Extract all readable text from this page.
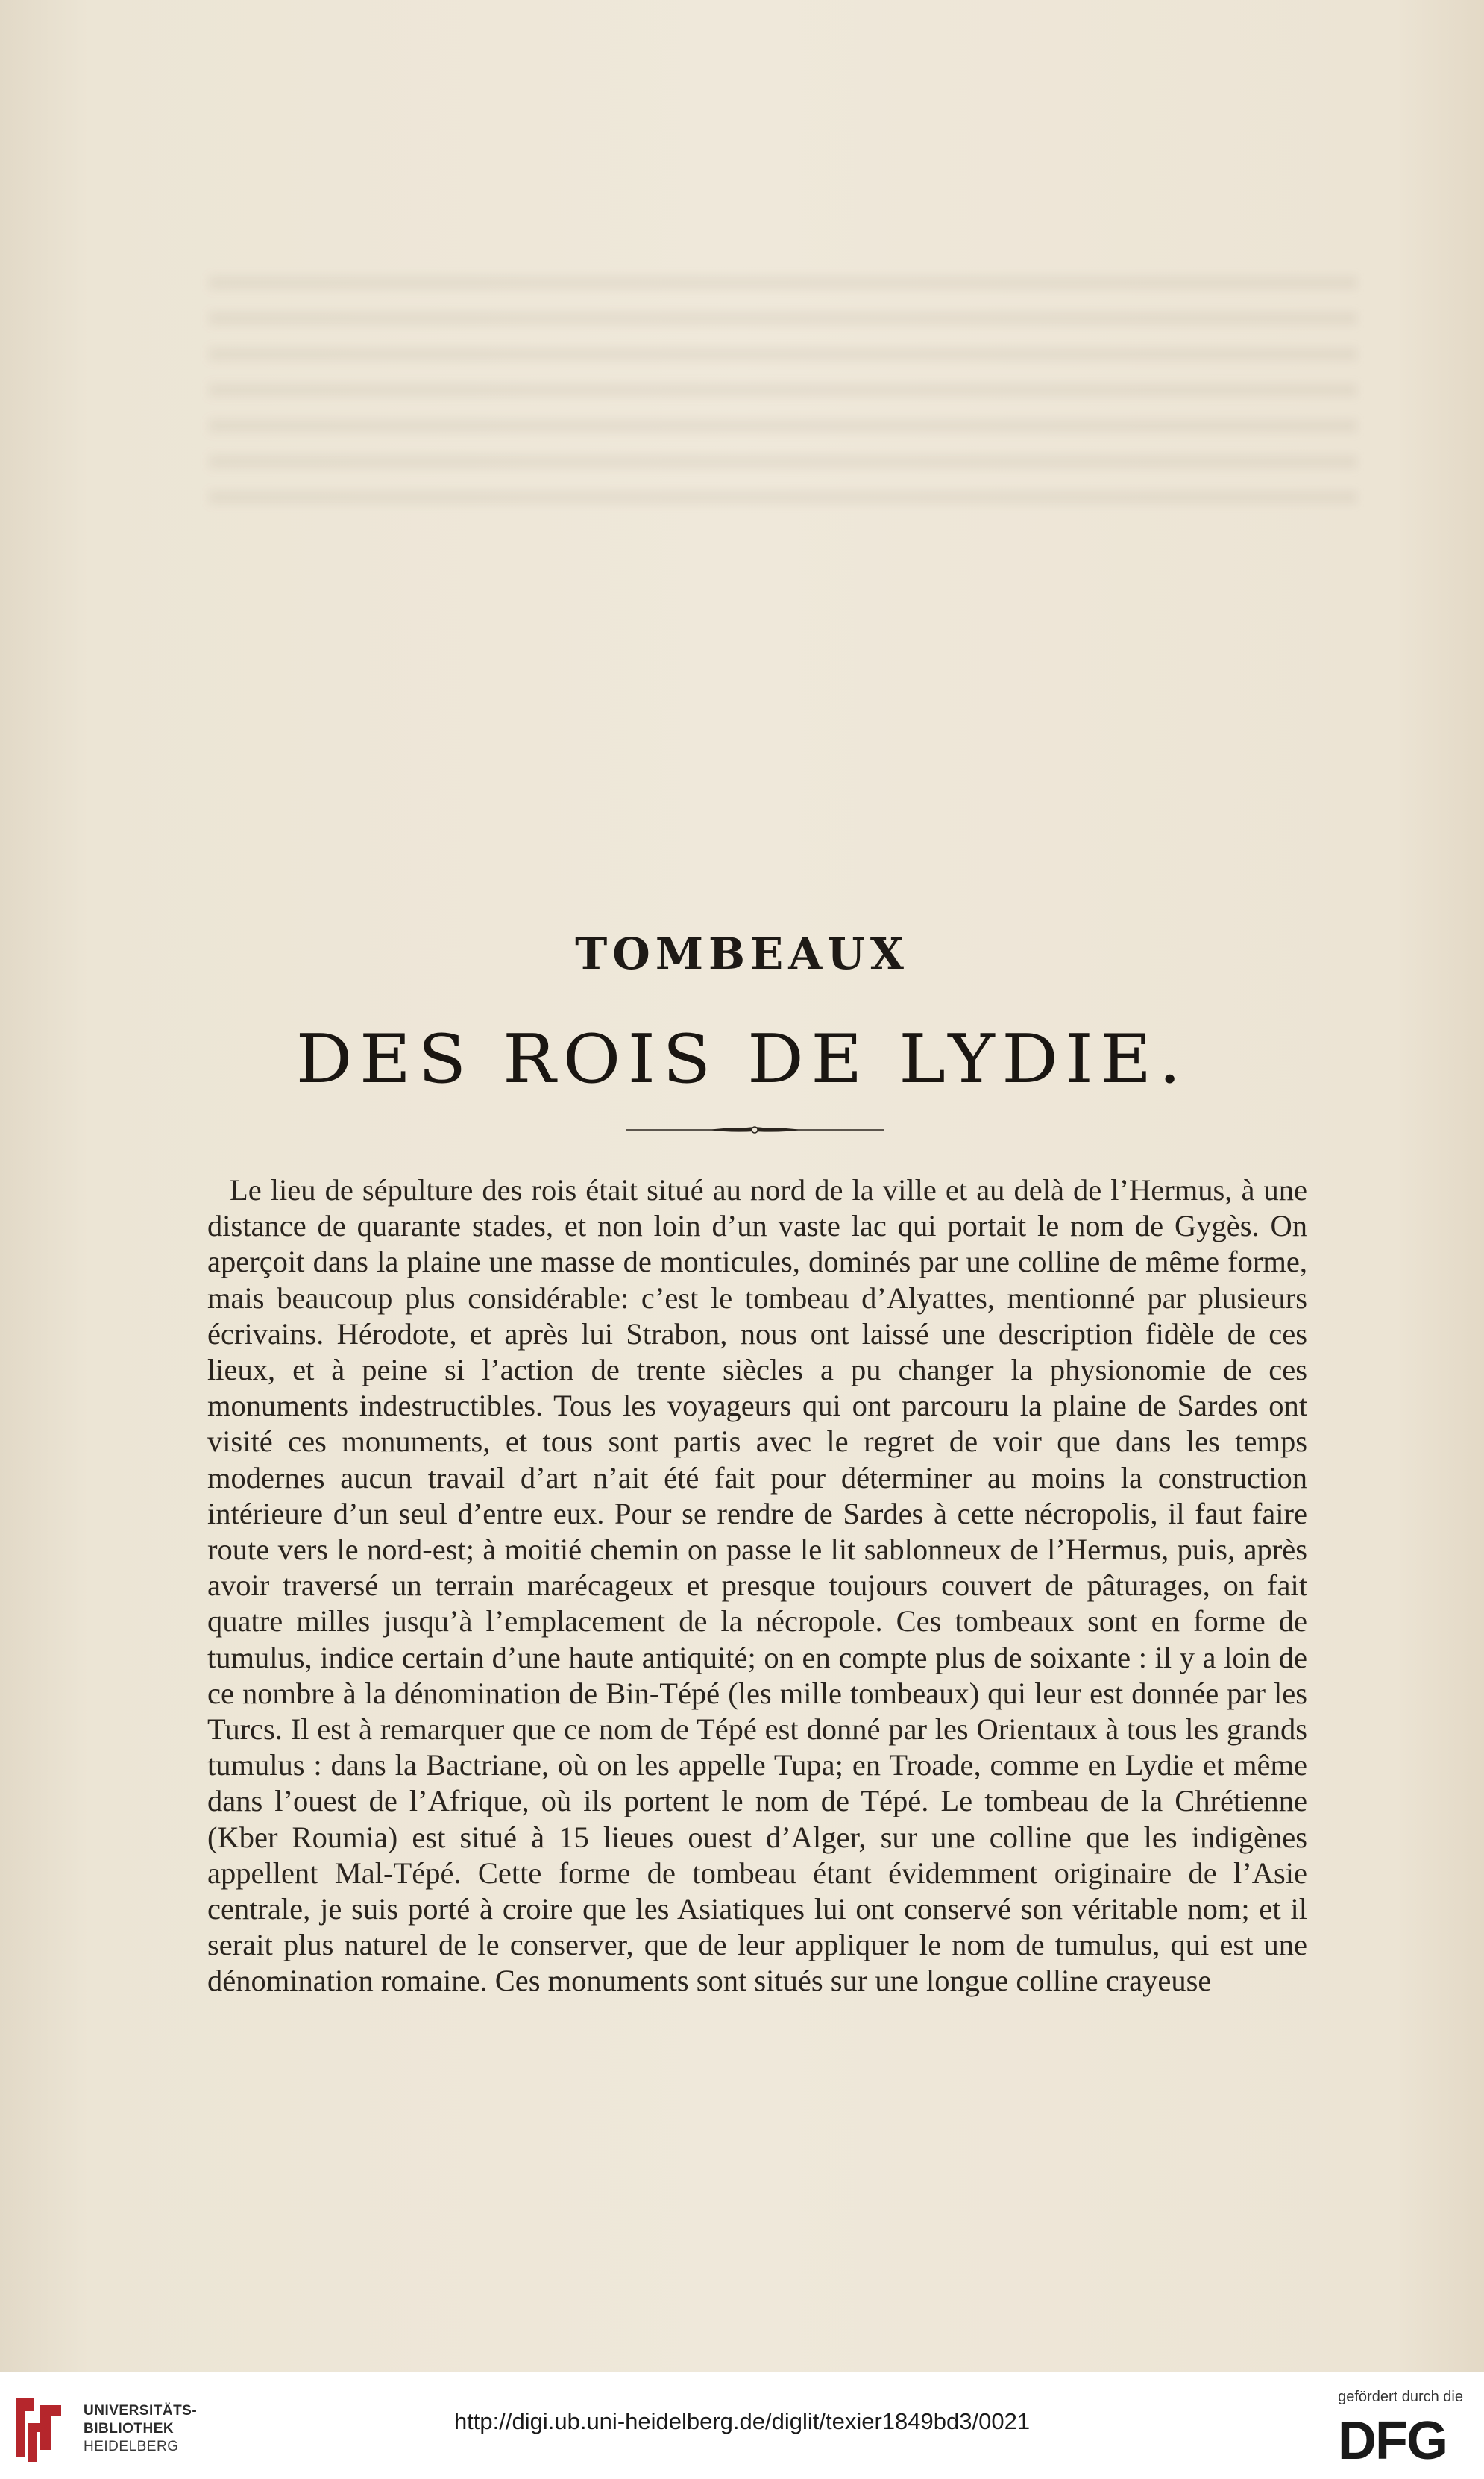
TOMBEAUX
DES ROIS DE LYDIE.

Le lieu de sépulture des rois était situé au nord de la ville et au delà de l’Hermus, à une distance de quarante stades, et non loin d’un vaste lac qui portait le nom de Gygès. On aperçoit dans la plaine une masse de monticules, dominés par une colline de même forme, mais beaucoup plus considérable: c’est le tombeau d’Alyattes, mentionné par plusieurs écrivains. Hérodote, et après lui Strabon, nous ont laissé une description fidèle de ces lieux, et à peine si l’action de trente siècles a pu changer la physionomie de ces monuments indestructibles. Tous les voyageurs qui ont parcouru la plaine de Sardes ont visité ces monuments, et tous sont partis avec le regret de voir que dans les temps modernes aucun travail d’art n’ait été fait pour déterminer au moins la construction intérieure d’un seul d’entre eux. Pour se rendre de Sardes à cette nécropolis, il faut faire route vers le nord-est; à moitié chemin on passe le lit sablonneux de l’Hermus, puis, après avoir traversé un terrain marécageux et presque toujours couvert de pâturages, on fait quatre milles jusqu’à l’emplacement de la nécropole. Ces tombeaux sont en forme de tumulus, indice certain d’une haute antiquité; on en compte plus de soixante : il y a loin de ce nombre à la dénomination de Bin-Tépé (les mille tombeaux) qui leur est donnée par les Turcs. Il est à remarquer que ce nom de Tépé est donné par les Orientaux à tous les grands tumulus : dans la Bactriane, où on les appelle Tupa; en Troade, comme en Lydie et même dans l’ouest de l’Afrique, où ils portent le nom de Tépé. Le tombeau de la Chrétienne (Kber Roumia) est situé à 15 lieues ouest d’Alger, sur une colline que les indigènes appellent Mal-Tépé. Cette forme de tombeau étant évidemment originaire de l’Asie centrale, je suis porté à croire que les Asiatiques lui ont conservé son véritable nom; et il serait plus naturel de le conserver, que de leur appliquer le nom de tumulus, qui est une dénomination romaine. Ces monuments sont situés sur une longue colline crayeuse

UNIVERSITÄTS-
BIBLIOTHEK
HEIDELBERG
http://digi.ub.uni-heidelberg.de/diglit/texier1849bd3/0021
gefördert durch die
DFG
